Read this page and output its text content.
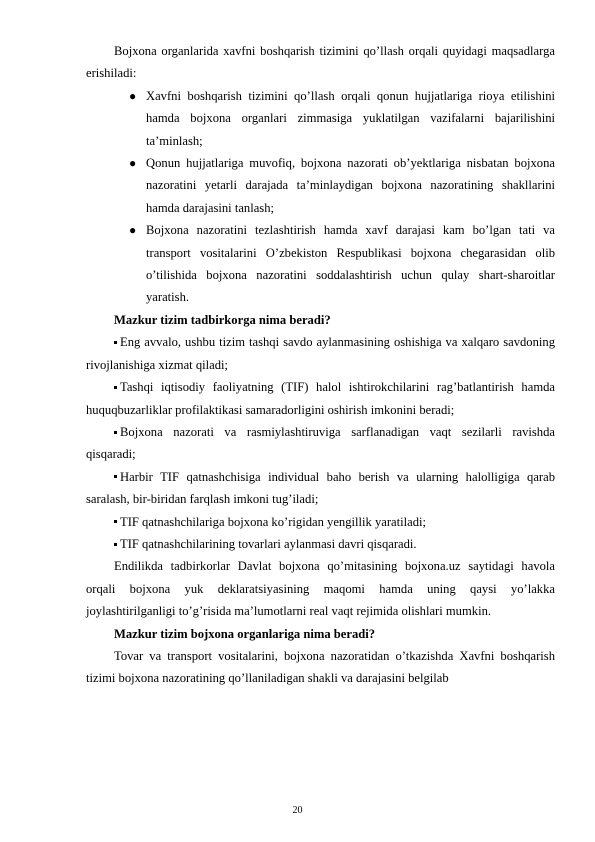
Bojxona organlarida xavfni boshqarish tizimini qo’llash orqali quyidagi maqsadlarga erishiladi:

● Xavfni boshqarish tizimini qo’llash orqali qonun hujjatlariga rioya etilishini hamda bojxona organlari zimmasiga yuklatilgan vazifalarni bajarilishini ta’minlash;
● Qonun hujjatlariga muvofiq, bojxona nazorati ob’yektlariga nisbatan bojxona nazoratini yetarli darajada ta’minlaydigan bojxona nazoratining shakllarini hamda darajasini tanlash;
● Bojxona nazoratini tezlashtirish hamda xavf darajasi kam bo’lgan tati va transport vositalarini O’zbekiston Respublikasi bojxona chegarasidan olib o’tilishida bojxona nazoratini soddalashtirish uchun qulay shart-sharoitlar yaratish.

Mazkur tizim tadbirkorga nima beradi?

Eng avvalo, ushbu tizim tashqi savdo aylanmasining oshishiga va xalqaro savdoning rivojlanishiga xizmat qiladi;

Tashqi iqtisodiy faoliyatning (TIF) halol ishtirokchilarini rag’batlantirish hamda huquqbuzarliklar profilaktikasi samaradorligini oshirish imkonini beradi;

Bojxona nazorati va rasmiylashtiruviga sarflanadigan vaqt sezilarli ravishda qisqaradi;

Harbir TIF qatnashchisiga individual baho berish va ularning halolligiga qarab saralash, bir-biridan farqlash imkoni tug’iladi;

TIF qatnashchilariga bojxona ko’rigidan yengillik yaratiladi;

TIF qatnashchilarining tovarlari aylanmasi davri qisqaradi.

Endilikda tadbirkorlar Davlat bojxona qo’mitasining bojxona.uz saytidagi havola orqali bojxona yuk deklaratsiyasining maqomi hamda uning qaysi yo’lakka joylashtirilganligi to’g’risida ma’lumotlarni real vaqt rejimida olishlari mumkin.

Mazkur tizim bojxona organlariga nima beradi?

Tovar va transport vositalarini, bojxona nazoratidan o’tkazishda Xavfni boshqarish tizimi bojxona nazoratining qo’llaniladigan shakli va darajasini belgilab

20
